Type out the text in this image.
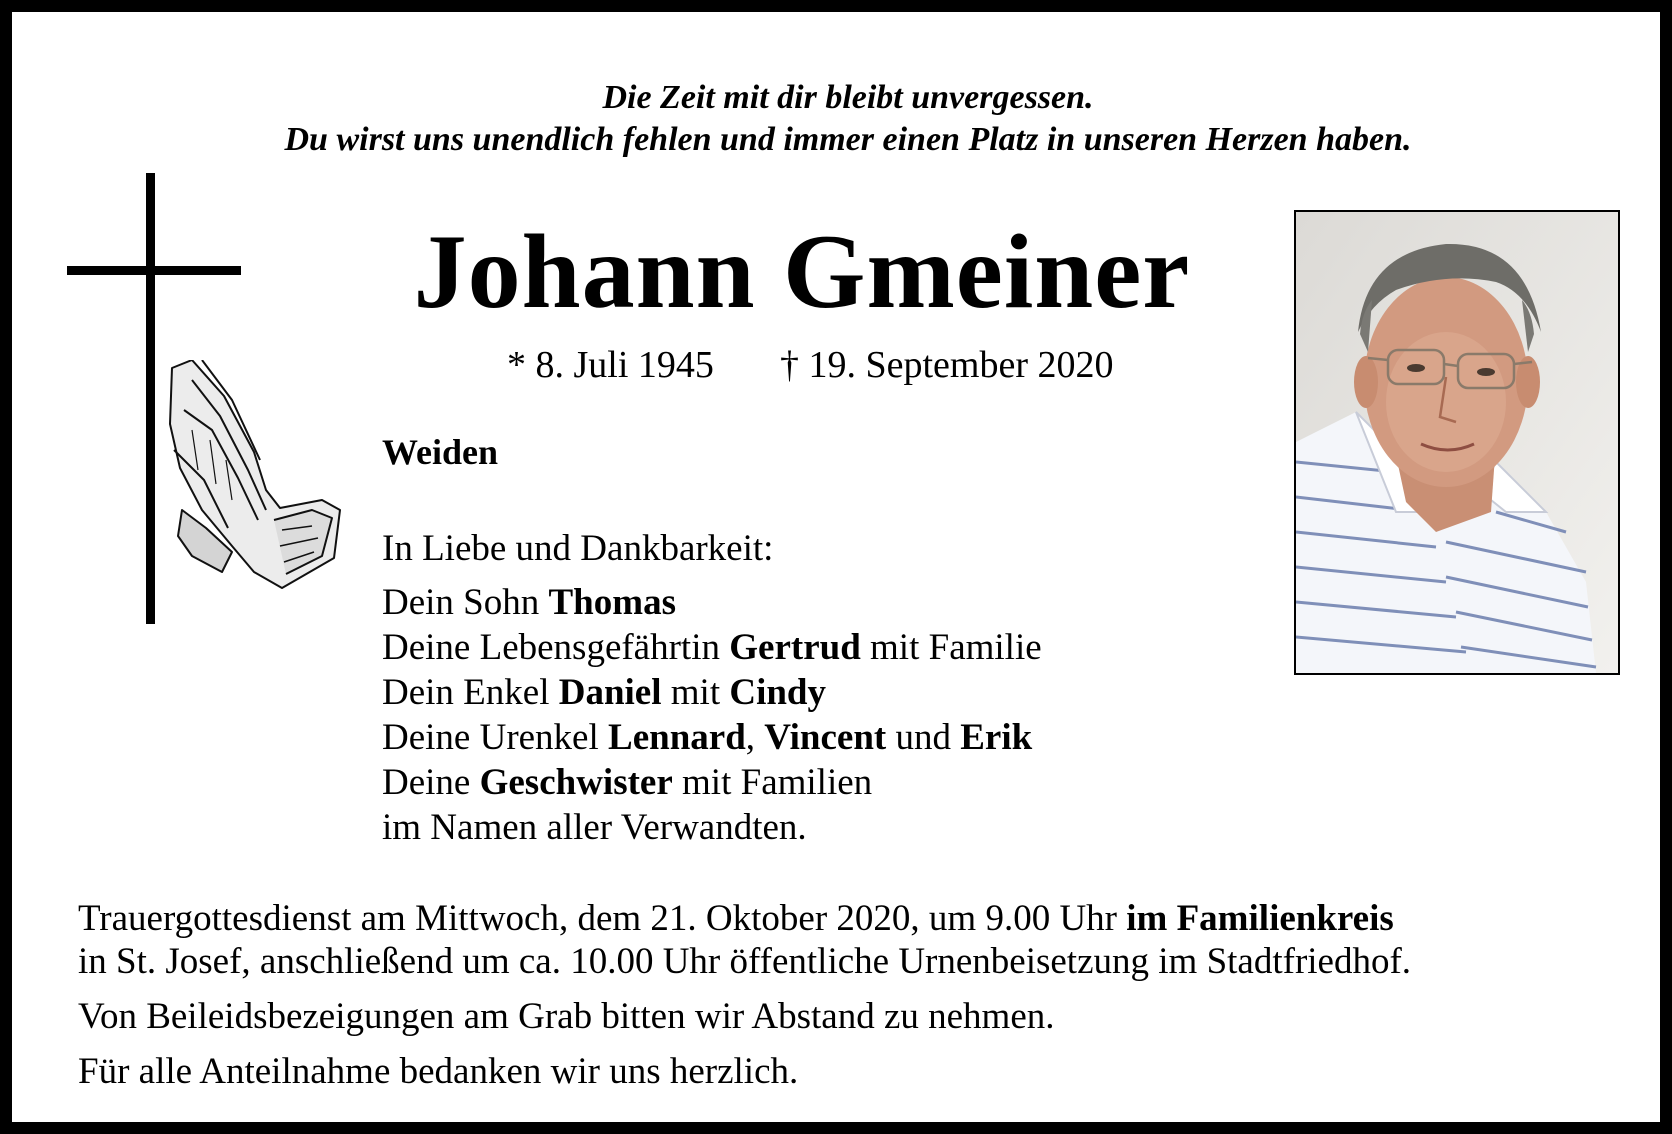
Die Zeit mit dir bleibt unvergessen.
Du wirst uns unendlich fehlen und immer einen Platz in unseren Herzen haben.
Johann Gmeiner
* 8. Juli 1945 † 19. September 2020
Weiden
In Liebe und Dankbarkeit:
Dein Sohn Thomas
Deine Lebensgefährtin Gertrud mit Familie
Dein Enkel Daniel mit Cindy
Deine Urenkel Lennard, Vincent und Erik
Deine Geschwister mit Familien
im Namen aller Verwandten.
Trauergottesdienst am Mittwoch, dem 21. Oktober 2020, um 9.00 Uhr im Familienkreis
in St. Josef, anschließend um ca. 10.00 Uhr öffentliche Urnenbeisetzung im Stadtfriedhof.
Von Beileidsbezeigungen am Grab bitten wir Abstand zu nehmen.
Für alle Anteilnahme bedanken wir uns herzlich.
